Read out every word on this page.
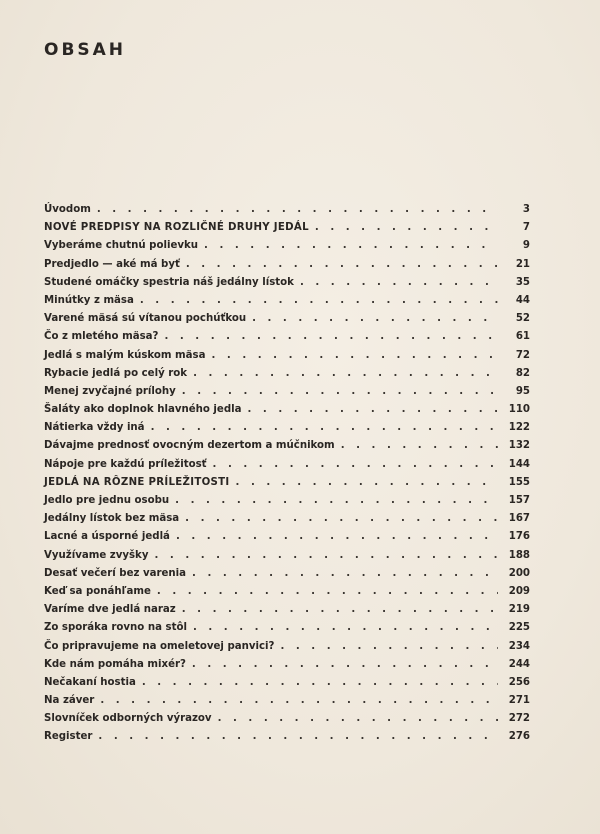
OBSAH
Úvodom . . .	3
NOVÉ PREDPISY NA ROZLIČNÉ DRUHY JEDÁL . . .	7
Vyberáme chutnú polievku . . .	9
Predjedlo — aké má byť . . .	21
Studené omáčky spestria náš jedálny lístok . . .	35
Minútky z mäsa . . .	44
Varené mäsá sú vítanou pochúťkou . . .	52
Čo z mletého mäsa? . . .	61
Jedlá s malým kúskom mäsa . . .	72
Rybacie jedlá po celý rok . . .	82
Menej zvyčajné prílohy . . .	95
Šaláty ako doplnok hlavného jedla . . .	110
Nátierka vždy iná . . .	122
Dávajme prednosť ovocným dezertom a múčnikom . . .	132
Nápoje pre každú príležitosť . . .	144
JEDLÁ NA RÔZNE PRÍLEŽITOSTI . . .	155
Jedlo pre jednu osobu . . .	157
Jedálny lístok bez mäsa . . .	167
Lacné a úsporné jedlá . . .	176
Využívame zvyšky . . .	188
Desať večerí bez varenia . . .	200
Keď sa ponáhľame . . .	209
Varíme dve jedlá naraz . . .	219
Zo sporáka rovno na stôl . . .	225
Čo pripravujeme na omeletovej panvici? . . .	234
Kde nám pomáha mixér? . . .	244
Nečakaní hostia . . .	256
Na záver . . .	271
Slovníček odborných výrazov . . .	272
Register . . .	276
